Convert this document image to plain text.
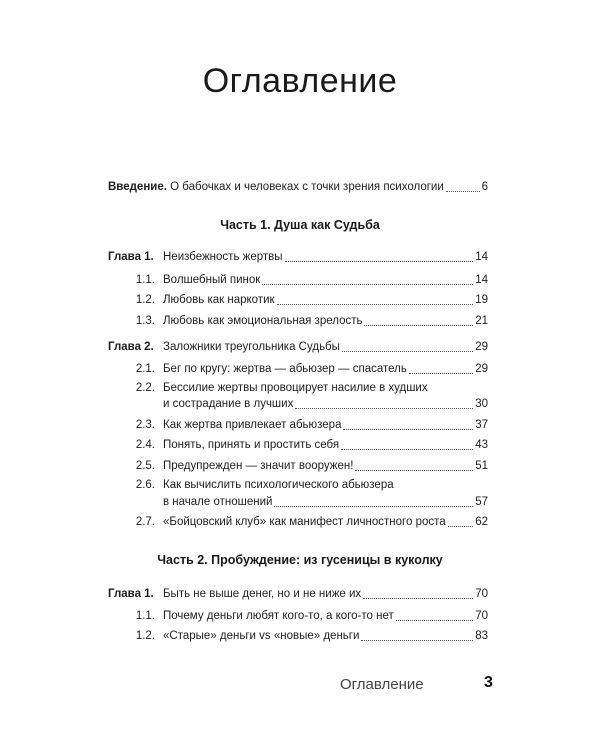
Оглавление
Введение. О бабочках и человеках с точки зрения психологии	6
Часть 1. Душа как Судьба
Глава 1. Неизбежность жертвы	14
1.1. Волшебный пинок	14
1.2. Любовь как наркотик	19
1.3. Любовь как эмоциональная зрелость	21
Глава 2. Заложники треугольника Судьбы	29
2.1. Бег по кругу: жертва — абьюзер — спасатель	29
2.2. Бессилие жертвы провоцирует насилие в худших
и сострадание в лучших	30
2.3. Как жертва привлекает абьюзера	37
2.4. Понять, принять и простить себя	43
2.5. Предупрежден — значит вооружен!	51
2.6. Как вычислить психологического абьюзера
в начале отношений	57
2.7. «Бойцовский клуб» как манифест личностного роста	62
Часть 2. Пробуждение: из гусеницы в куколку
Глава 1. Быть не выше денег, но и не ниже их	70
1.1. Почему деньги любят кого-то, а кого-то нет	70
1.2. «Старые» деньги vs «новые» деньги	83
Оглавление	3
